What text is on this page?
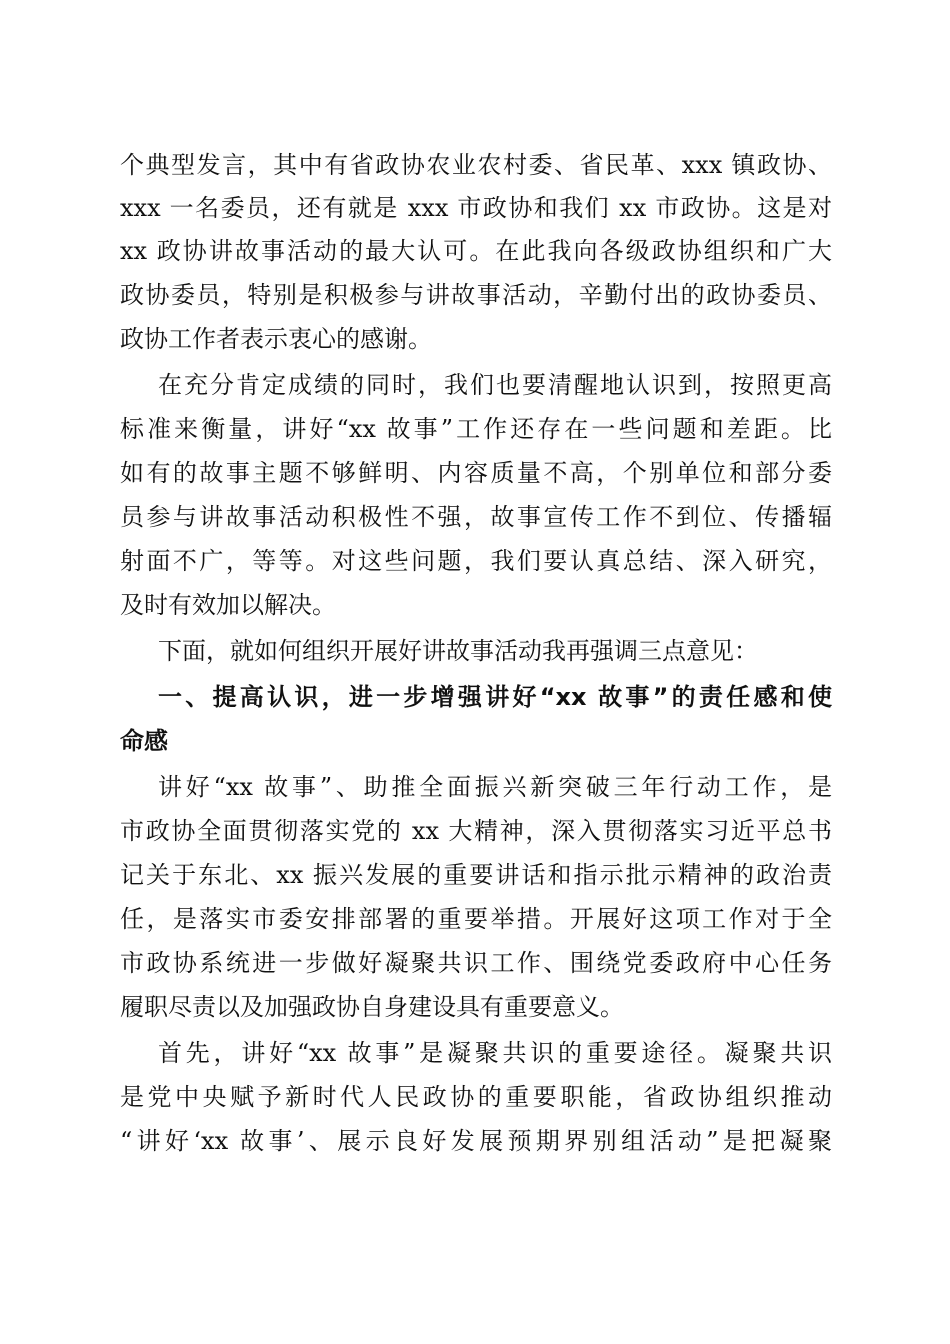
个典型发言，其中有省政协农业农村委、省民革、xxx 镇政协、
xxx 一名委员，还有就是 xxx 市政协和我们 xx 市政协。这是对
xx 政协讲故事活动的最大认可。在此我向各级政协组织和广大
政协委员，特别是积极参与讲故事活动，辛勤付出的政协委员、
政协工作者表示衷心的感谢。
在充分肯定成绩的同时，我们也要清醒地认识到，按照更高
标准来衡量，讲好“xx 故事”工作还存在一些问题和差距。比
如有的故事主题不够鲜明、内容质量不高，个别单位和部分委
员参与讲故事活动积极性不强，故事宣传工作不到位、传播辐
射面不广，等等。对这些问题，我们要认真总结、深入研究，
及时有效加以解决。
下面，就如何组织开展好讲故事活动我再强调三点意见：
一、提高认识，进一步增强讲好“xx 故事”的责任感和使
命感
讲好“xx 故事”、助推全面振兴新突破三年行动工作，是
市政协全面贯彻落实党的 xx 大精神，深入贯彻落实习近平总书
记关于东北、xx 振兴发展的重要讲话和指示批示精神的政治责
任，是落实市委安排部署的重要举措。开展好这项工作对于全
市政协系统进一步做好凝聚共识工作、围绕党委政府中心任务
履职尽责以及加强政协自身建设具有重要意义。
首先，讲好“xx 故事”是凝聚共识的重要途径。凝聚共识
是党中央赋予新时代人民政协的重要职能，省政协组织推动
“讲好‘xx 故事’、展示良好发展预期界别组活动”是把凝聚
